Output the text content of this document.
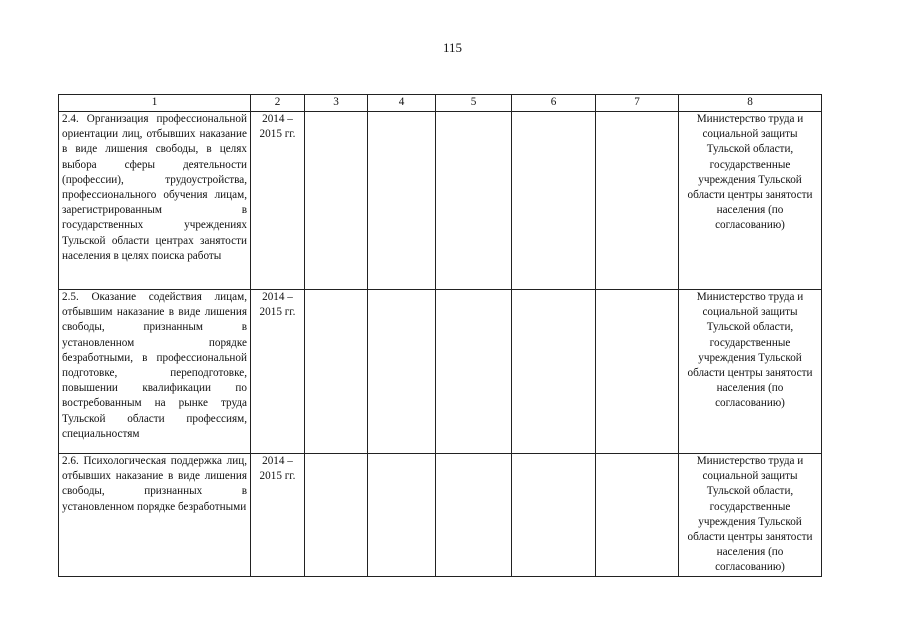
115
1	2	3	4	5	6	7	8
2.4. Организация профессиональной ориентации лиц, отбывших наказание в виде лишения свободы, в целях выбора сферы деятельности (профессии), трудоустройства, профессионального обучения лицам, зарегистрированным в государственных учреждениях Тульской области центрах занятости населения в целях поиска работы	2014 – 2015 гг.						Министерство труда и социальной защиты Тульской области, государственные учреждения Тульской области центры занятости населения (по согласованию)
2.5. Оказание содействия лицам, отбывшим наказание в виде лишения свободы, признанным в установленном порядке безработными, в профессиональной подготовке, переподготовке, повышении квалификации по востребованным на рынке труда Тульской области профессиям, специальностям	2014 – 2015 гг.						Министерство труда и социальной защиты Тульской области, государственные учреждения Тульской области центры занятости населения (по согласованию)
2.6. Психологическая поддержка лиц, отбывших наказание в виде лишения свободы, признанных в установленном порядке безработными	2014 – 2015 гг.						Министерство труда и социальной защиты Тульской области, государственные учреждения Тульской области центры занятости населения (по согласованию)
